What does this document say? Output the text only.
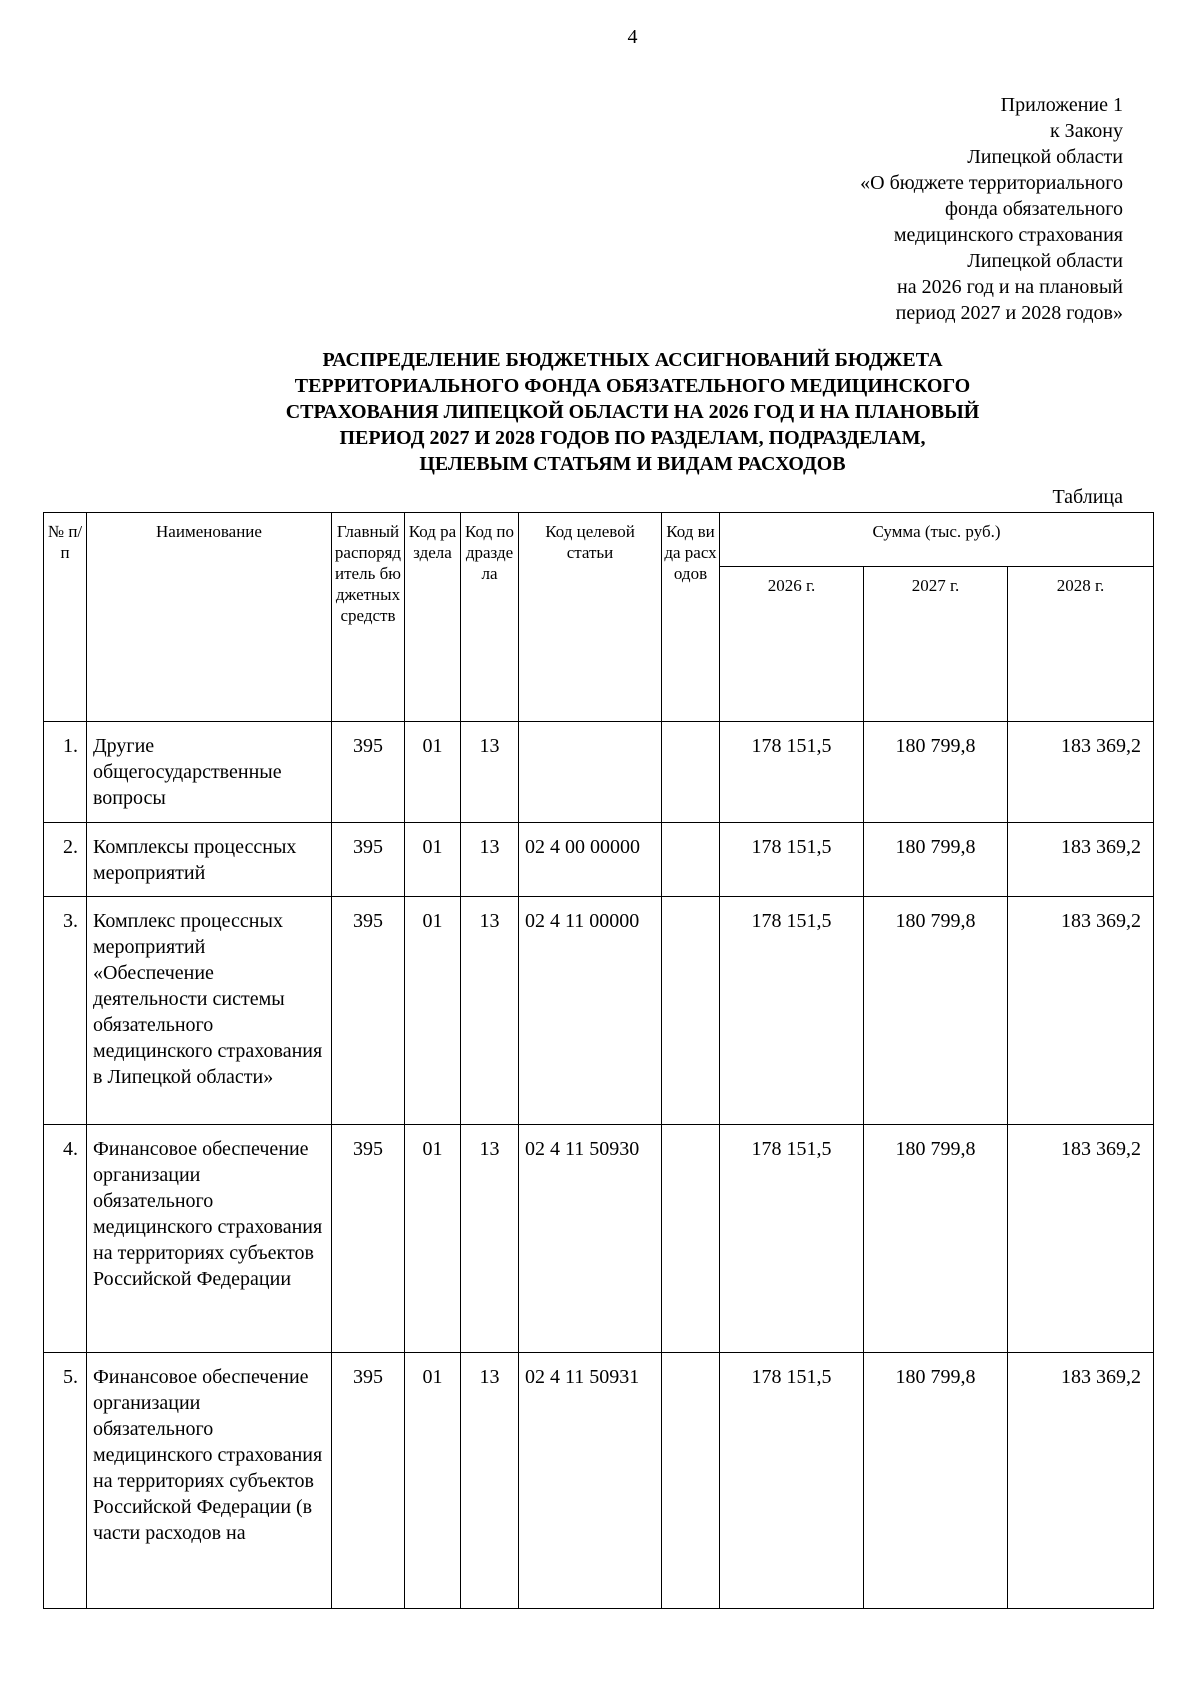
4
Приложение 1
к Закону
Липецкой области
«О бюджете территориального
фонда обязательного
медицинского страхования
Липецкой области
на 2026 год и на плановый
период 2027 и 2028 годов»
РАСПРЕДЕЛЕНИЕ БЮДЖЕТНЫХ АССИГНОВАНИЙ БЮДЖЕТА
ТЕРРИТОРИАЛЬНОГО ФОНДА ОБЯЗАТЕЛЬНОГО МЕДИЦИНСКОГО
СТРАХОВАНИЯ ЛИПЕЦКОЙ ОБЛАСТИ НА 2026 ГОД И НА ПЛАНОВЫЙ
ПЕРИОД 2027 И 2028 ГОДОВ ПО РАЗДЕЛАМ, ПОДРАЗДЕЛАМ,
ЦЕЛЕВЫМ СТАТЬЯМ И ВИДАМ РАСХОДОВ
Таблица
№ п/п	Наименование	Главный распорядитель бюджетных средств	Код раздела	Код подраздела	Код целевой статьи	Код вида расходов	Сумма (тыс. руб.)		
							2026 г.	2027 г.	2028 г.
1.	Другие общегосударственные вопросы	395	01	13			178 151,5	180 799,8	183 369,2
2.	Комплексы процессных мероприятий	395	01	13	02 4 00 00000		178 151,5	180 799,8	183 369,2
3.	Комплекс процессных мероприятий «Обеспечение деятельности системы обязательного медицинского страхования в Липецкой области»	395	01	13	02 4 11 00000		178 151,5	180 799,8	183 369,2
4.	Финансовое обеспечение организации обязательного медицинского страхования на территориях субъектов Российской Федерации	395	01	13	02 4 11 50930		178 151,5	180 799,8	183 369,2
5.	Финансовое обеспечение организации обязательного медицинского страхования на территориях субъектов Российской Федерации (в части расходов на	395	01	13	02 4 11 50931		178 151,5	180 799,8	183 369,2
